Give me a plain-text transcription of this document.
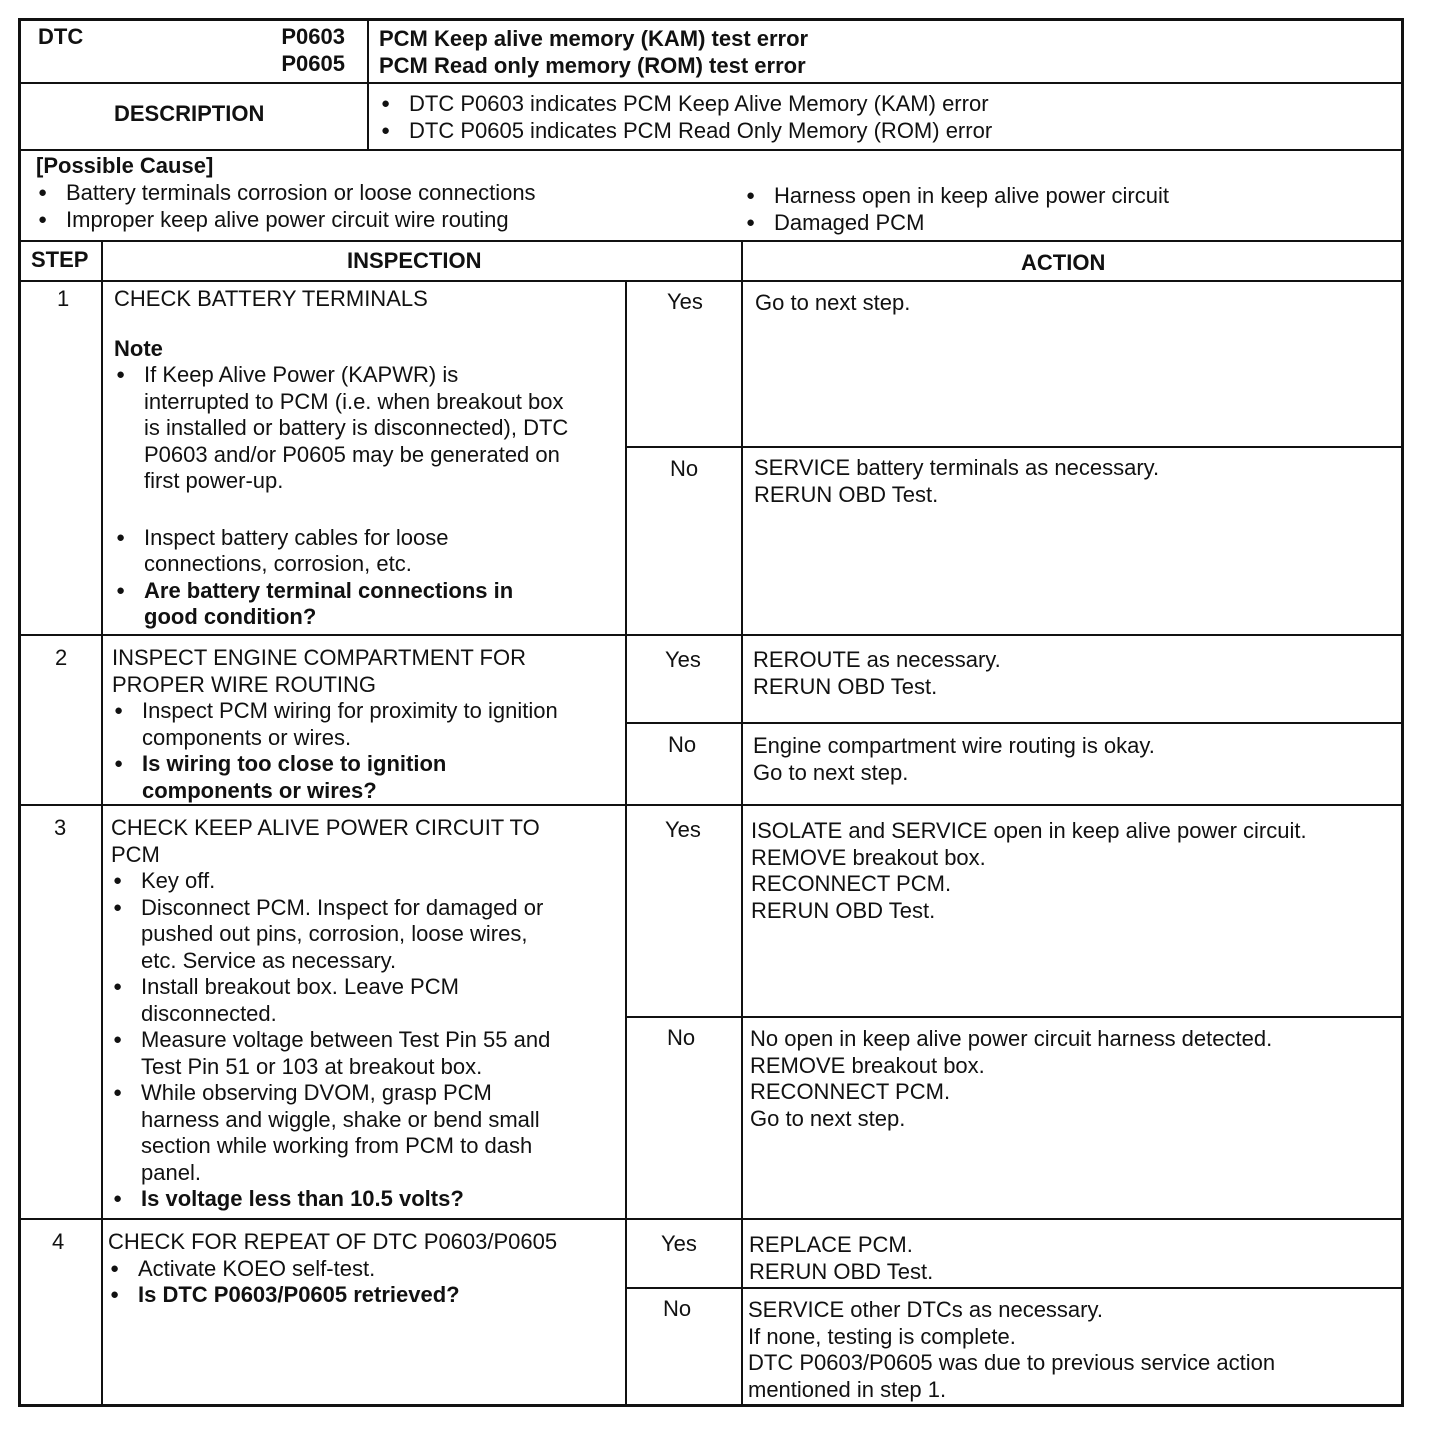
DTC	P0603
P0605
PCM Keep alive memory (KAM) test error
PCM Read only memory (ROM) test error
DESCRIPTION
●	DTC P0603 indicates PCM Keep Alive Memory (KAM) error
● DTC P0605 indicates PCM Read Only Memory (ROM) error
[Possible Cause]
● Battery terminals corrosion or loose connections
● Improper keep alive power circuit wire routing
● Harness open in keep alive power circuit
● Damaged PCM
STEP	INSPECTION	ACTION
1 CHECK BATTERY TERMINALS
Note
● If Keep Alive Power (KAPWR) is
interrupted to PCM (i.e. when breakout box
is installed or battery is disconnected), DTC
P0603 and/or P0605 may be generated on
first power-up.
● Inspect battery cables for loose
connections, corrosion, etc.
● Are battery terminal connections in
good condition?
Yes Go to next step.
No	SERVICE battery terminals as necessary.
RERUN OBD Test.
2 INSPECT ENGINE COMPARTMENT FOR
PROPER WIRE ROUTING
● Inspect PCM wiring for proximity to ignition
components or wires.
● Is wiring too close to ignition
components or wires?
Yes REROUTE as necessary.
RERUN OBD Test.
No	Engine compartment wire routing is okay.
Go to next step.
3 CHECK KEEP ALIVE POWER CIRCUIT TO
PCM
● Key off.
● Disconnect PCM. Inspect for damaged or
pushed out pins, corrosion, loose wires,
etc. Service as necessary.
● Install breakout box. Leave PCM
disconnected.
● Measure voltage between Test Pin 55 and
Test Pin 51 or 103 at breakout box.
● While observing DVOM, grasp PCM
harness and wiggle, shake or bend small
section while working from PCM to dash
panel.
● Is voltage less than 10.5 volts?
Yes ISOLATE and SERVICE open in keep alive power circuit.
REMOVE breakout box.
RECONNECT PCM.
RERUN OBD Test.
No No open in keep alive power circuit harness detected.
REMOVE breakout box.
RECONNECT PCM.
Go to next step.
4 CHECK FOR REPEAT OF DTC P0603/P0605
● Activate KOEO self-test.
● Is DTC P0603/P0605 retrieved?
Yes REPLACE PCM.
RERUN OBD Test.
No	SERVICE other DTCs as necessary.
If none, testing is complete.
DTC P0603/P0605 was due to previous service action
mentioned in step 1.
